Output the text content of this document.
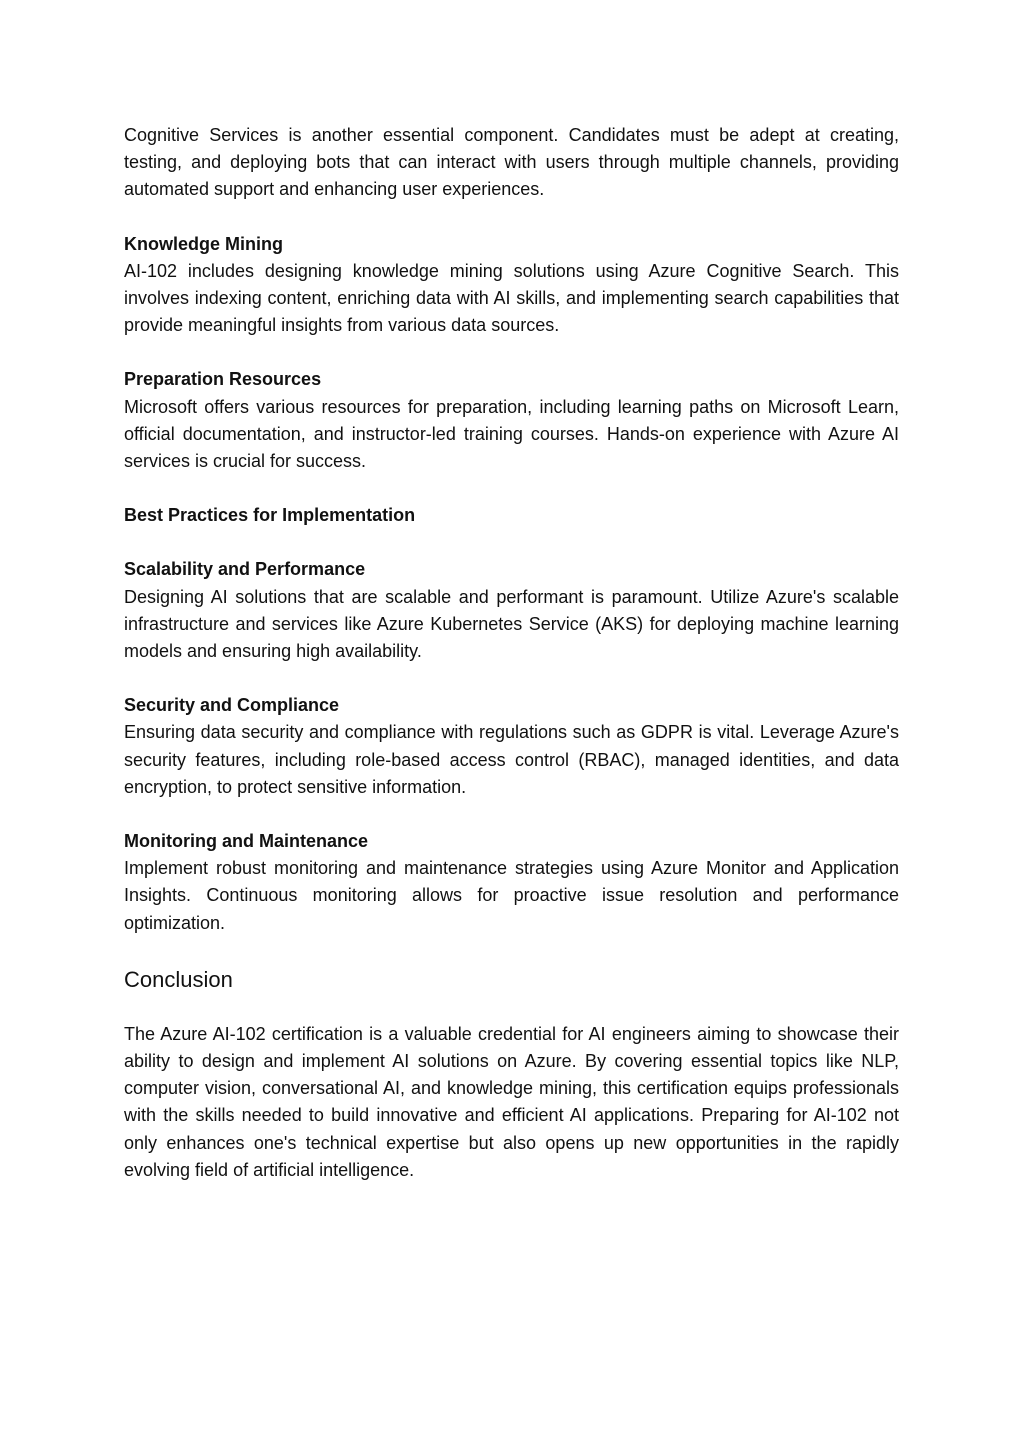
Cognitive Services is another essential component. Candidates must be adept at creating, testing, and deploying bots that can interact with users through multiple channels, providing automated support and enhancing user experiences.

Knowledge Mining

AI-102 includes designing knowledge mining solutions using Azure Cognitive Search. This involves indexing content, enriching data with AI skills, and implementing search capabilities that provide meaningful insights from various data sources.

Preparation Resources

Microsoft offers various resources for preparation, including learning paths on Microsoft Learn, official documentation, and instructor-led training courses. Hands-on experience with Azure AI services is crucial for success.

Best Practices for Implementation

Scalability and Performance

Designing AI solutions that are scalable and performant is paramount. Utilize Azure's scalable infrastructure and services like Azure Kubernetes Service (AKS) for deploying machine learning models and ensuring high availability.

Security and Compliance

Ensuring data security and compliance with regulations such as GDPR is vital. Leverage Azure's security features, including role-based access control (RBAC), managed identities, and data encryption, to protect sensitive information.

Monitoring and Maintenance

Implement robust monitoring and maintenance strategies using Azure Monitor and Application Insights. Continuous monitoring allows for proactive issue resolution and performance optimization.

Conclusion

The Azure AI-102 certification is a valuable credential for AI engineers aiming to showcase their ability to design and implement AI solutions on Azure. By covering essential topics like NLP, computer vision, conversational AI, and knowledge mining, this certification equips professionals with the skills needed to build innovative and efficient AI applications. Preparing for AI-102 not only enhances one's technical expertise but also opens up new opportunities in the rapidly evolving field of artificial intelligence.
